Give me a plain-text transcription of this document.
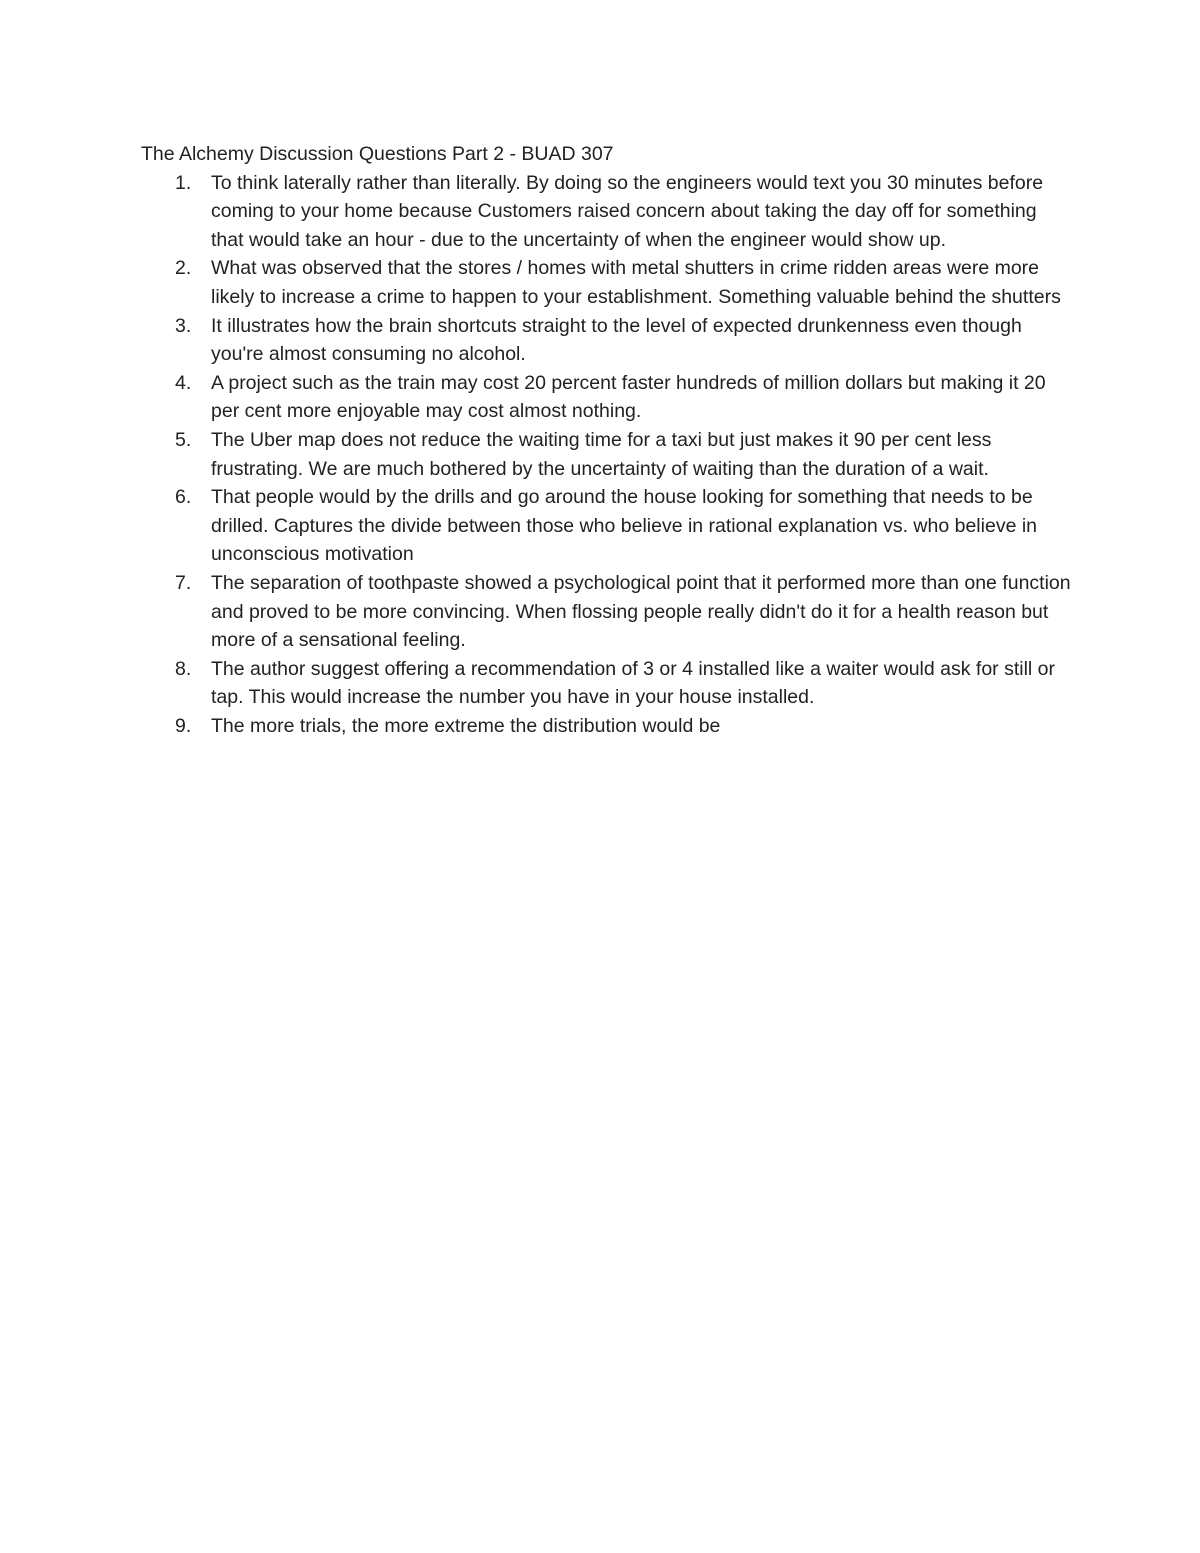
The Alchemy Discussion Questions Part 2 - BUAD 307
1. To think laterally rather than literally. By doing so the engineers would text you 30 minutes before coming to your home because Customers raised concern about taking the day off for something that would take an hour - due to the uncertainty of when the engineer would show up.
2. What was observed that the stores / homes with metal shutters in crime ridden areas were more likely to increase a crime to happen to your establishment. Something valuable behind the shutters
3. It illustrates how the brain shortcuts straight to the level of expected drunkenness even though you're almost consuming no alcohol.
4. A project such as the train may cost 20 percent faster hundreds of million dollars but making it 20 per cent more enjoyable may cost almost nothing.
5. The Uber map does not reduce the waiting time for a taxi but just makes it 90 per cent less frustrating. We are much bothered by the uncertainty of waiting than the duration of a wait.
6. That people would by the drills and go around the house looking for something that needs to be drilled. Captures the divide between those who believe in rational explanation vs. who believe in unconscious motivation
7. The separation of toothpaste showed a psychological point that it performed more than one function and proved to be more convincing. When flossing people really didn't do it for a health reason but more of a sensational feeling.
8. The author suggest offering a recommendation of 3 or 4 installed like a waiter would ask for still or tap. This would increase the number you have in your house installed.
9. The more trials, the more extreme the distribution would be
